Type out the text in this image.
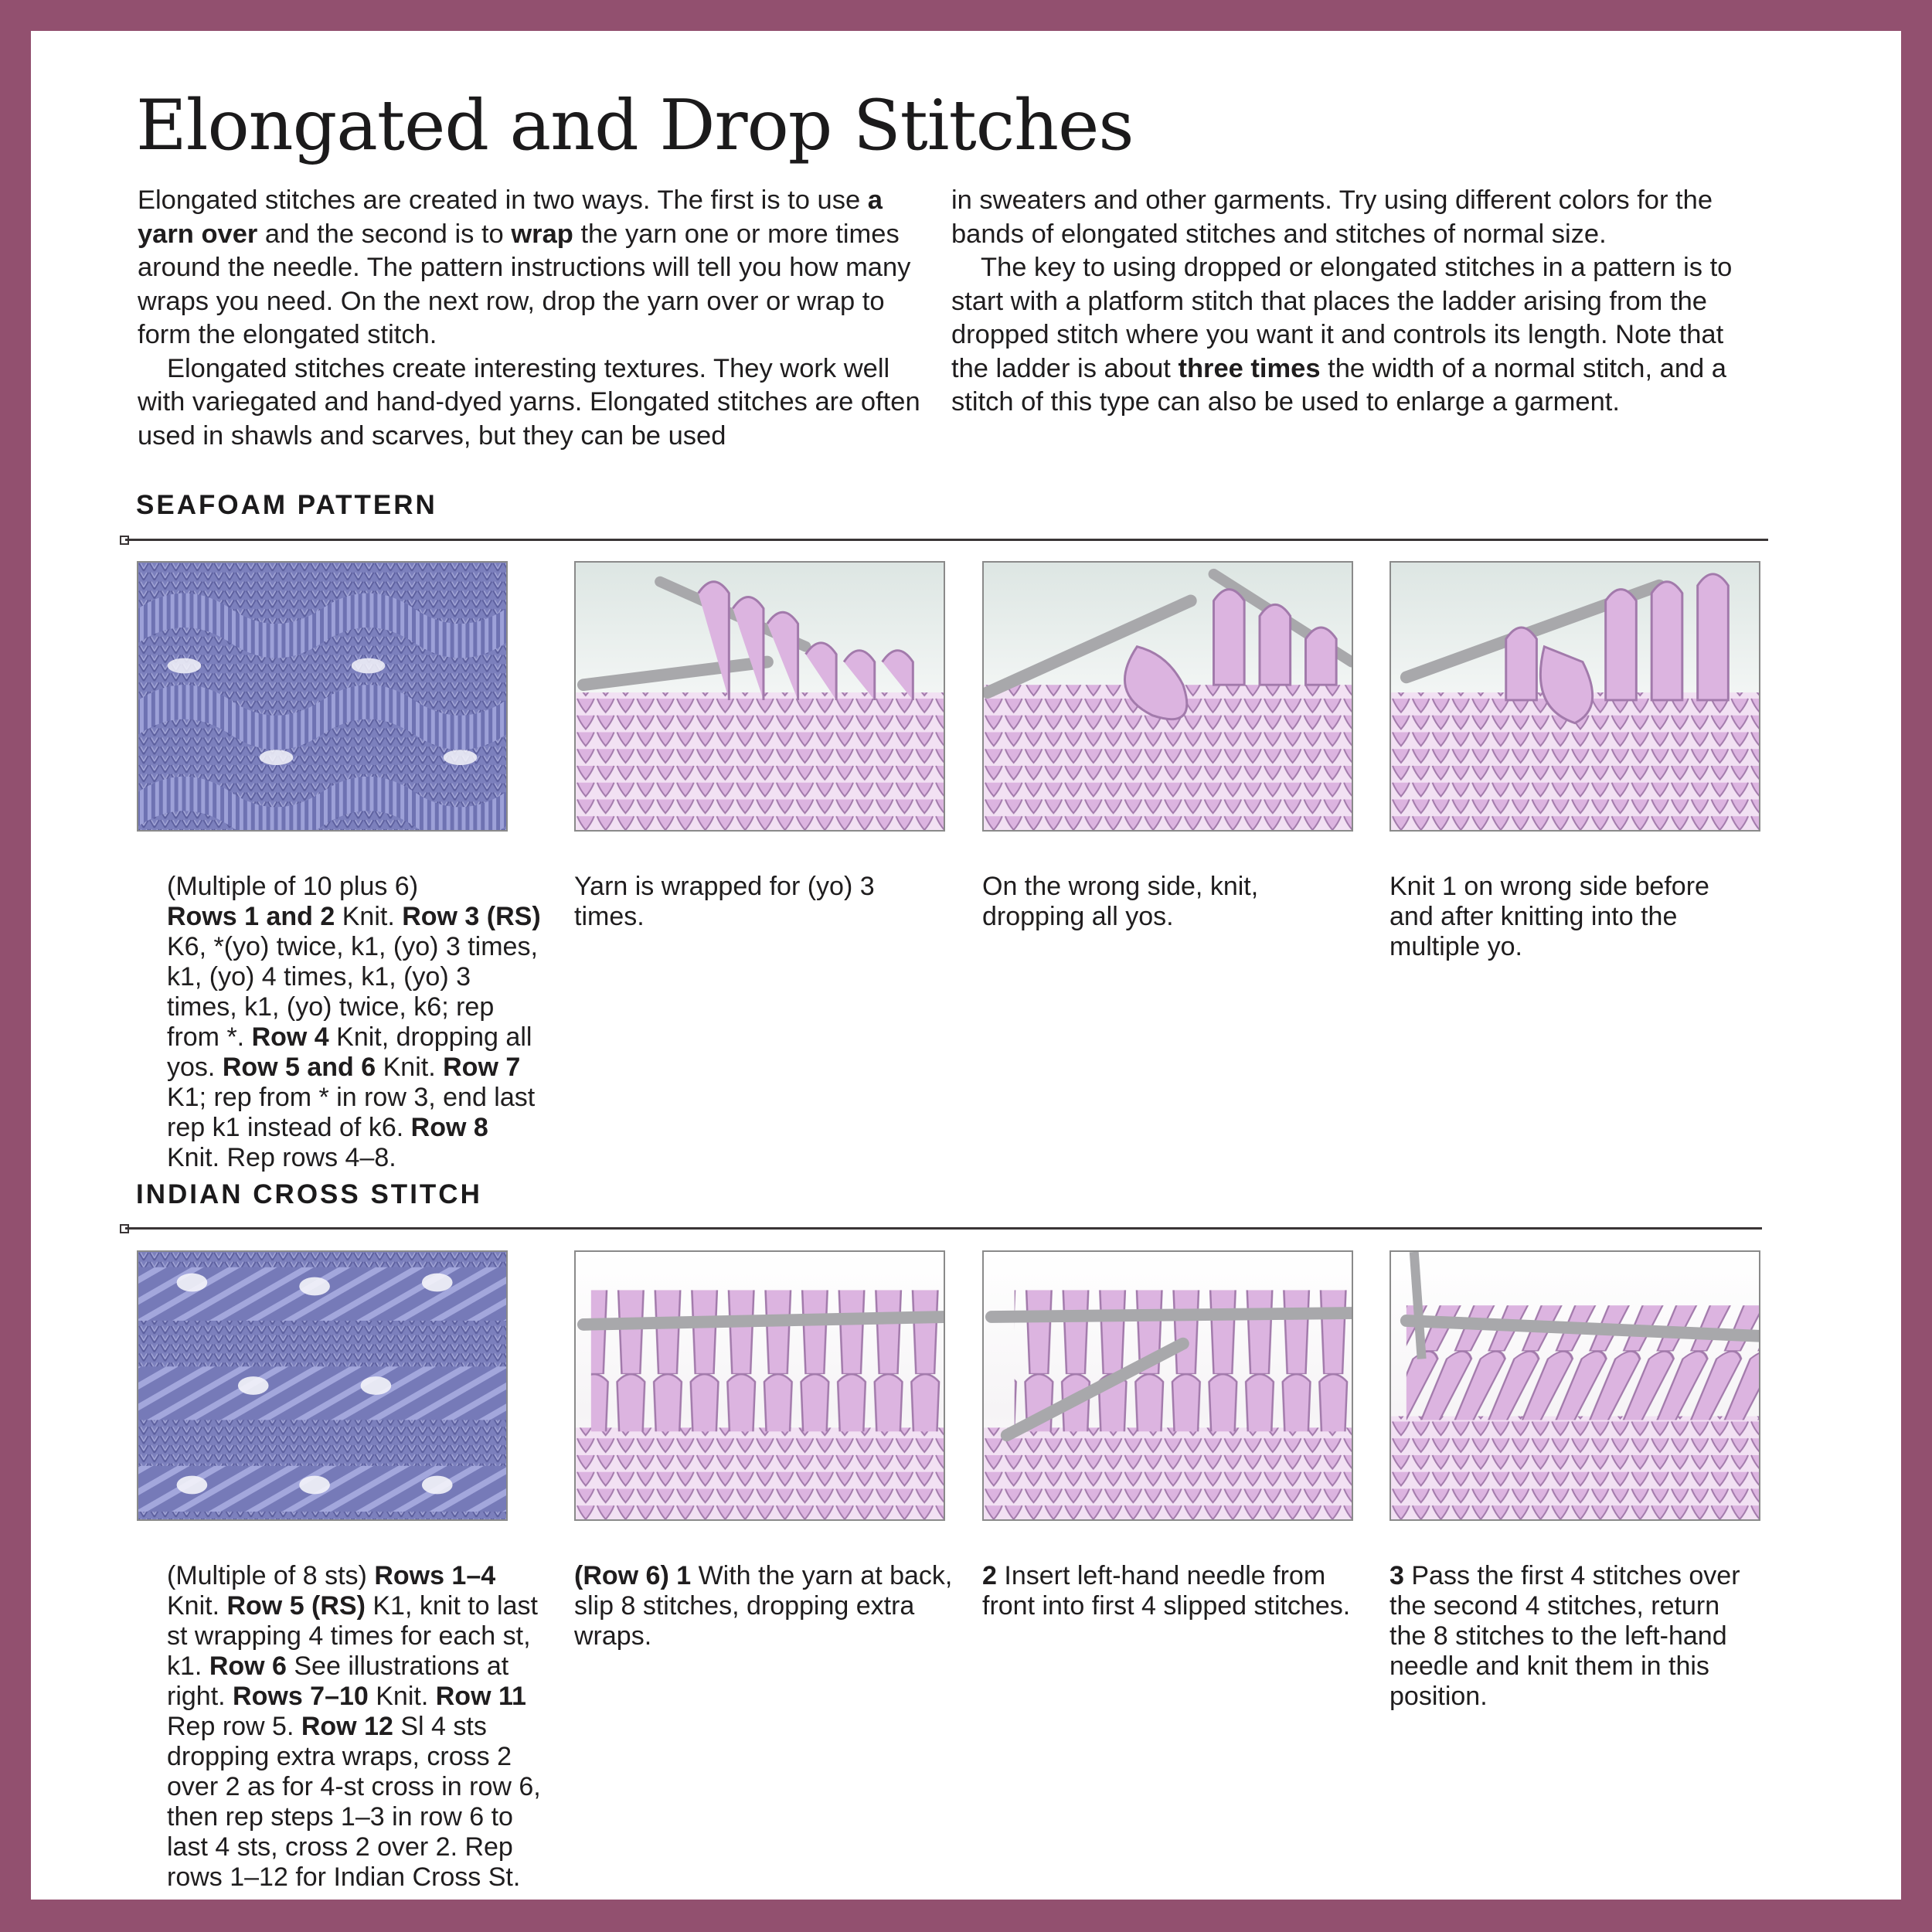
Elongated and Drop Stitches

Elongated stitches are created in two ways. The first is to use a yarn over and the second is to wrap the yarn one or more times around the needle. The pattern instructions will tell you how many wraps you need. On the next row, drop the yarn over or wrap to form the elongated stitch.

Elongated stitches create interesting textures. They work well with variegated and hand-dyed yarns. Elongated stitches are often used in shawls and scarves, but they can be used

in sweaters and other garments. Try using different colors for the bands of elongated stitches and stitches of normal size.

The key to using dropped or elongated stitches in a pattern is to start with a platform stitch that places the ladder arising from the dropped stitch where you want it and controls its length. Note that the ladder is about three times the width of a normal stitch, and a stitch of this type can also be used to enlarge a garment.

SEAFOAM PATTERN
(Multiple of 10 plus 6)
Rows 1 and 2 Knit. Row 3 (RS) K6, *(yo) twice, k1, (yo) 3 times, k1, (yo) 4 times, k1, (yo) 3 times, k1, (yo) twice, k6; rep from *. Row 4 Knit, dropping all yos. Row 5 and 6 Knit. Row 7 K1; rep from * in row 3, end last rep k1 instead of k6. Row 8 Knit. Rep rows 4–8.
Yarn is wrapped for (yo) 3 times.
On the wrong side, knit, dropping all yos.
Knit 1 on wrong side before and after knitting into the multiple yo.
INDIAN CROSS STITCH
(Multiple of 8 sts) Rows 1–4 Knit. Row 5 (RS) K1, knit to last st wrapping 4 times for each st, k1. Row 6 See illustrations at right. Rows 7–10 Knit. Row 11 Rep row 5. Row 12 Sl 4 sts dropping extra wraps, cross 2 over 2 as for 4-st cross in row 6, then rep steps 1–3 in row 6 to last 4 sts, cross 2 over 2. Rep rows 1–12 for Indian Cross St.
(Row 6) 1 With the yarn at back, slip 8 stitches, dropping extra wraps.
2 Insert left-hand needle from front into first 4 slipped stitches.
3 Pass the first 4 stitches over the second 4 stitches, return the 8 stitches to the left-hand needle and knit them in this position.
